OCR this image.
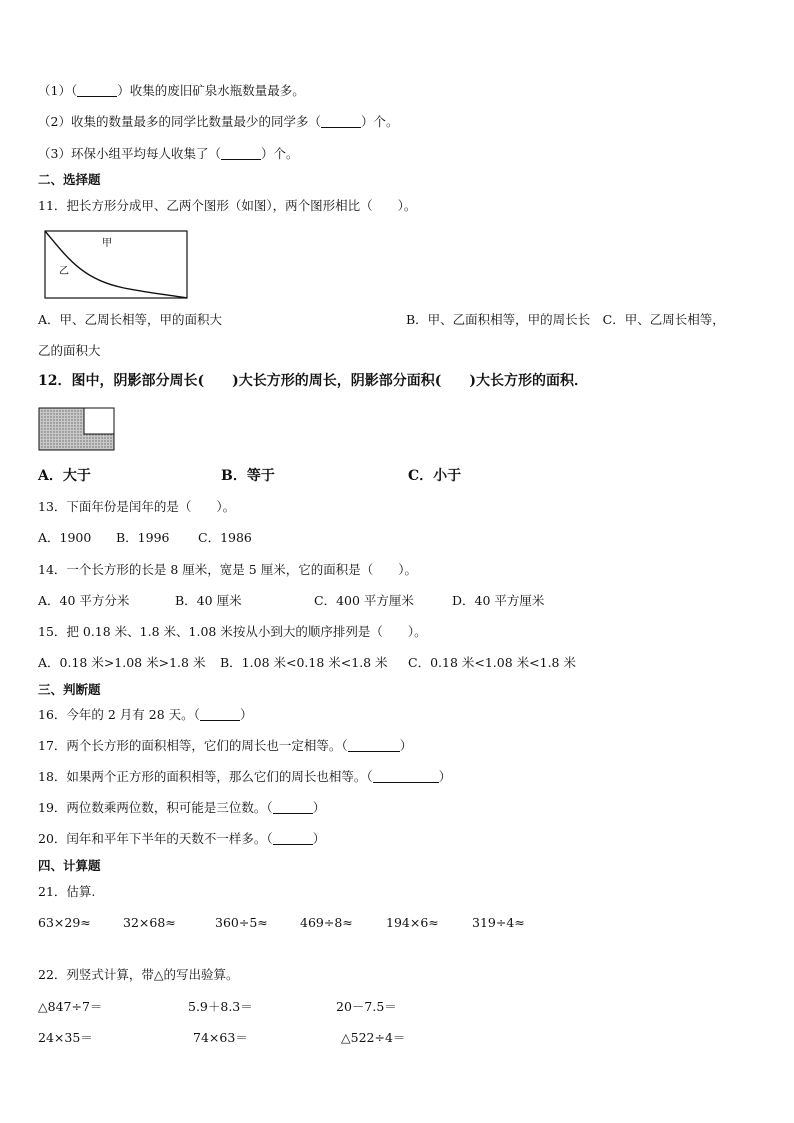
（1）（	）收集的废旧矿泉水瓶数量最多。
（2）收集的数量最多的同学比数量最少的同学多（	）个。
（3）环保小组平均每人收集了（	）个。
二、选择题
11．把长方形分成甲、乙两个图形（如图），两个图形相比（　　）。
甲
乙
A．甲、乙周长相等，甲的面积大	B．甲、乙面积相等，甲的周长长　C．甲、乙周长相等，
乙的面积大
12．图中，阴影部分周长(　　)大长方形的周长，阴影部分面积(　　)大长方形的面积．
A．大于	B．等于	C．小于
13．下面年份是闰年的是（　　）。
A．1900 B．1996 C．1986
14．一个长方形的长是 8 厘米，宽是 5 厘米，它的面积是（　　）。
A．40 平方分米	B．40 厘米	C．400 平方厘米	D．40 平方厘米
15．把 0.18 米、1.8 米、1.08 米按从小到大的顺序排列是（　　）。
A．0.18 米>1.08 米>1.8 米 B．1.08 米<0.18 米<1.8 米 C．0.18 米<1.08 米<1.8 米
三、判断题
16．今年的 2 月有 28 天。（	）
17．两个长方形的面积相等，它们的周长也一定相等。（	）
18．如果两个正方形的面积相等，那么它们的周长也相等。（	）
19．两位数乘两位数，积可能是三位数。（	）
20．闰年和平年下半年的天数不一样多。（	）
四、计算题
21．估算.
63×29≈	32×68≈	360÷5≈	469÷8≈	194×6≈	319÷4≈
22．列竖式计算，带△的写出验算。
△847÷7＝	5.9＋8.3＝	20－7.5＝
24×35＝	74×63＝	△522÷4＝
